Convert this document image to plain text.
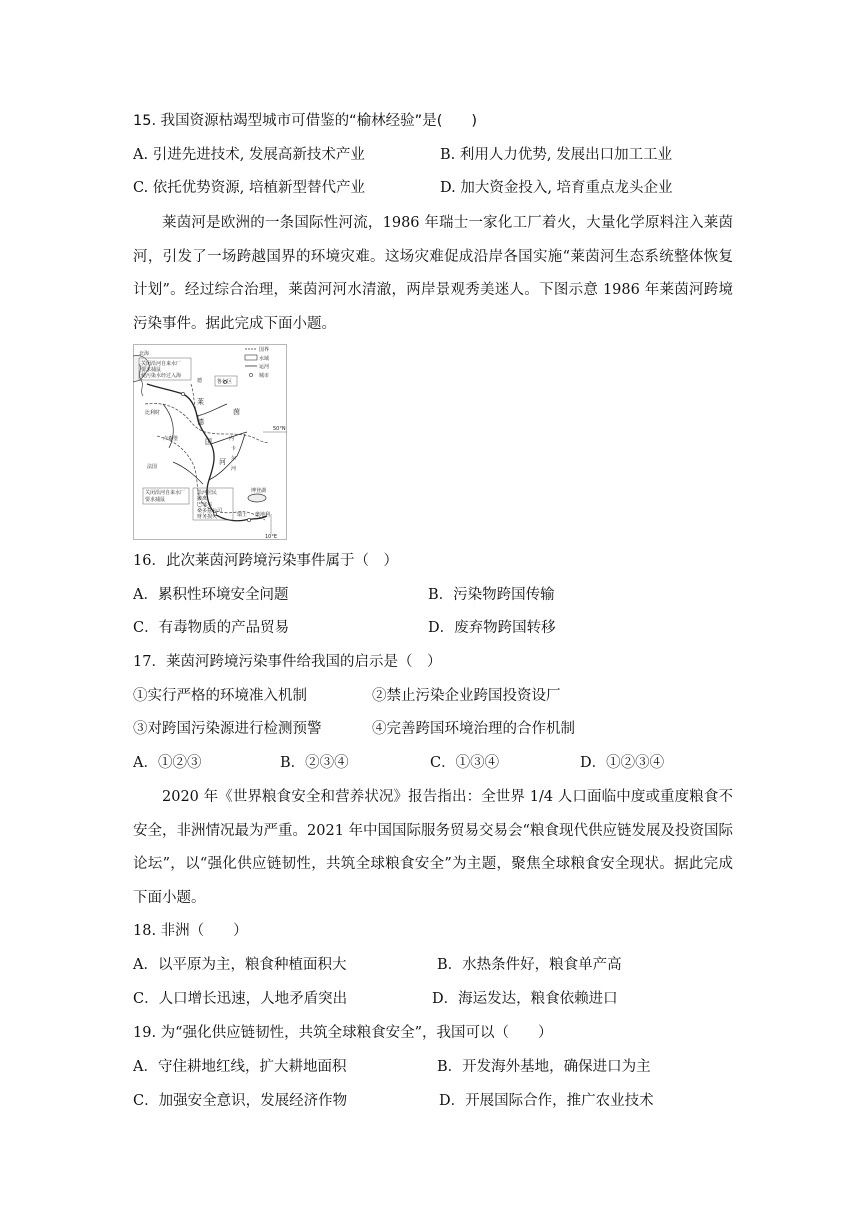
15. 我国资源枯竭型城市可借鉴的“榆林经验”是(　　)
A. 引进先进技术, 发展高新技术产业	B. 利用人力优势, 发展出口加工工业
C. 依托优势资源, 培植新型替代产业	D. 加大资金投入, 培育重点龙头企业
莱茵河是欧洲的一条国际性河流，1986 年瑞士一家化工厂着火，大量化学原料注入莱茵河，引发了一场跨越国界的环境灾难。这场灾难促成沿岸各国实施“莱茵河生态系统整体恢复计划”。经过综合治理，莱茵河河水清澈，两岸景观秀美迷人。下图示意 1986 年莱茵河跨境污染事件。据此完成下面小题。
国界
水域
运河
城市
北海
关闭沿河自来水厂
要求捕鼠
使污染水经过入海
德	鲁尔区
比利时
卢森堡
法国
莱
德
国
茵
河
内
卡
尔
河
50°N
关闭沿河自来水厂
要求捕鼠
沿河居民
撤离
巴塞尔
桑多兹公司
财务损失
博登湖
瑞士 奥地利
10°E
16．此次莱茵河跨境污染事件属于（　）
A．累积性环境安全问题	B．污染物跨国传输
C．有毒物质的产品贸易	D．废弃物跨国转移
17．莱茵河跨境污染事件给我国的启示是（　）
①实行严格的环境准入机制	②禁止污染企业跨国投资设厂
③对跨国污染源进行检测预警	④完善跨国环境治理的合作机制
A．①②③	B．②③④	C．①③④	D．①②③④
2020 年《世界粮食安全和营养状况》报告指出：全世界 1/4 人口面临中度或重度粮食不安全，非洲情况最为严重。2021 年中国国际服务贸易交易会“粮食现代供应链发展及投资国际论坛”，以“强化供应链韧性，共筑全球粮食安全”为主题，聚焦全球粮食安全现状。据此完成下面小题。
18. 非洲（　　）
A．以平原为主，粮食种植面积大	B．水热条件好，粮食单产高
C．人口增长迅速，人地矛盾突出	D．海运发达，粮食依赖进口
19. 为“强化供应链韧性，共筑全球粮食安全”，我国可以（　　）
A．守住耕地红线，扩大耕地面积	B．开发海外基地，确保进口为主
C．加强安全意识，发展经济作物	D．开展国际合作，推广农业技术
